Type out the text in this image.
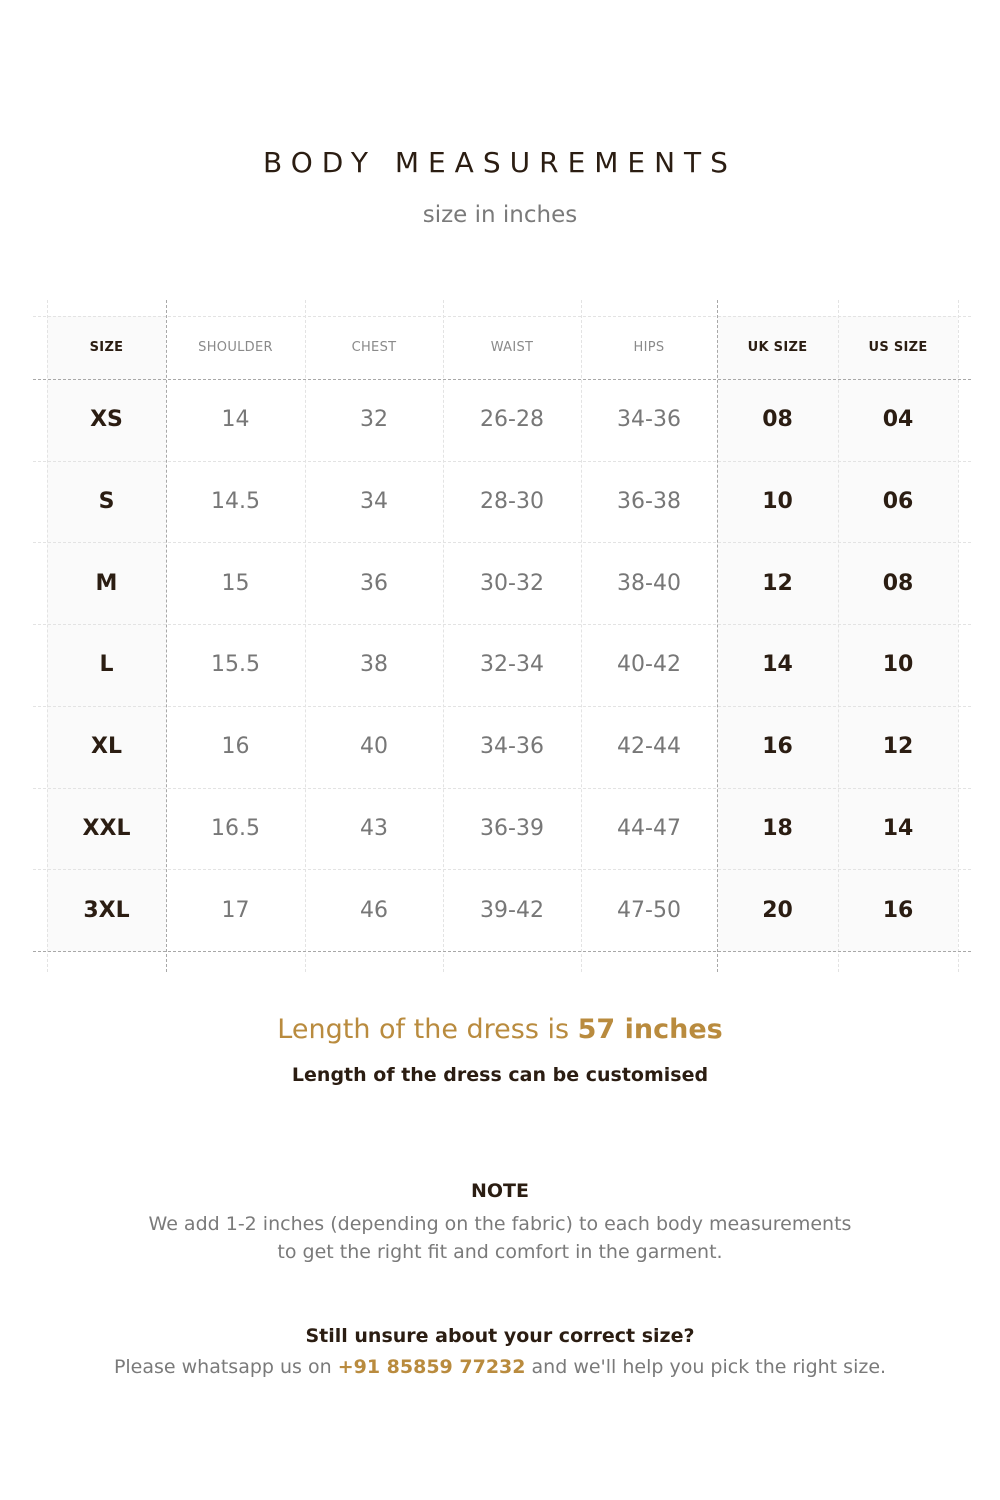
BODY MEASUREMENTS
size in inches
SIZE	SHOULDER	CHEST	WAIST	HIPS	UK SIZE	US SIZE
XS	14	32	26-28	34-36	08	04
S	14.5	34	28-30	36-38	10	06
M	15	36	30-32	38-40	12	08
L	15.5	38	32-34	40-42	14	10
XL	16	40	34-36	42-44	16	12
XXL	16.5	43	36-39	44-47	18	14
3XL	17	46	39-42	47-50	20	16
Length of the dress is 57 inches
Length of the dress can be customised
NOTE
We add 1-2 inches (depending on the fabric) to each body measurements
to get the right fit and comfort in the garment.
Still unsure about your correct size?
Please whatsapp us on +91 85859 77232 and we'll help you pick the right size.
